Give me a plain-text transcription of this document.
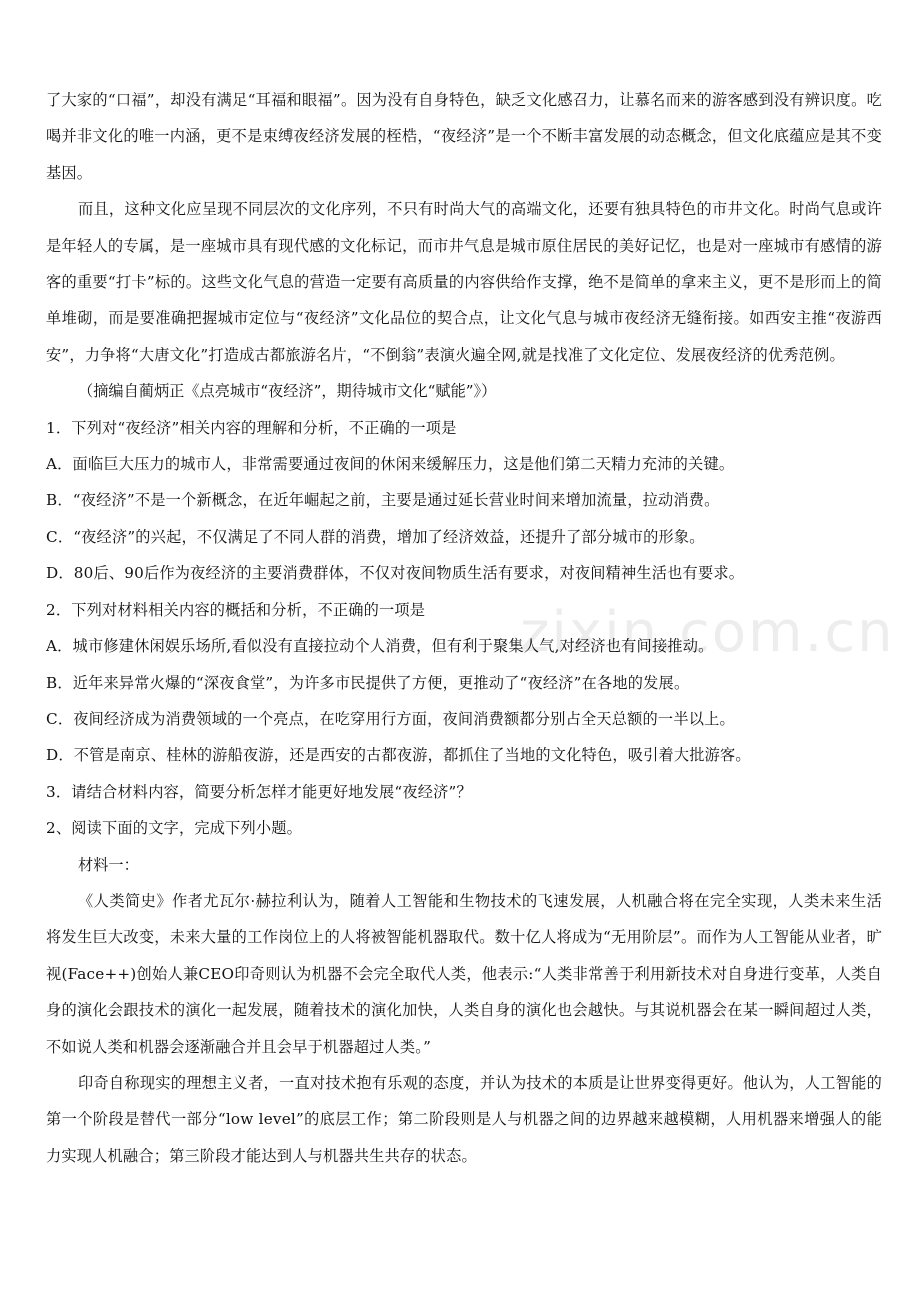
了大家的“口福”，却没有满足“耳福和眼福”。因为没有自身特色，缺乏文化感召力，让慕名而来的游客感到没有辨识度。吃喝并非文化的唯一内涵，更不是束缚夜经济发展的桎梏，“夜经济”是一个不断丰富发展的动态概念，但文化底蕴应是其不变基因。

而且，这种文化应呈现不同层次的文化序列，不只有时尚大气的高端文化，还要有独具特色的市井文化。时尚气息或许是年轻人的专属，是一座城市具有现代感的文化标记，而市井气息是城市原住居民的美好记忆，也是对一座城市有感情的游客的重要“打卡”标的。这些文化气息的营造一定要有高质量的内容供给作支撑，绝不是简单的拿来主义，更不是形而上的简单堆砌，而是要准确把握城市定位与“夜经济”文化品位的契合点，让文化气息与城市夜经济无缝衔接。如西安主推“夜游西安”，力争将“大唐文化”打造成古都旅游名片，“不倒翁”表演火遍全网,就是找准了文化定位、发展夜经济的优秀范例。

（摘编自蔺炳正《点亮城市“夜经济”，期待城市文化“赋能”》）

1．下列对“夜经济”相关内容的理解和分析，不正确的一项是

A．面临巨大压力的城市人，非常需要通过夜间的休闲来缓解压力，这是他们第二天精力充沛的关键。

B．“夜经济”不是一个新概念，在近年崛起之前，主要是通过延长营业时间来增加流量，拉动消费。

C．“夜经济”的兴起，不仅满足了不同人群的消费，增加了经济效益，还提升了部分城市的形象。

D．80后、90后作为夜经济的主要消费群体，不仅对夜间物质生活有要求，对夜间精神生活也有要求。

2．下列对材料相关内容的概括和分析，不正确的一项是

A．城市修建休闲娱乐场所,看似没有直接拉动个人消费，但有利于聚集人气,对经济也有间接推动。

B．近年来异常火爆的“深夜食堂”，为许多市民提供了方便，更推动了“夜经济”在各地的发展。

C．夜间经济成为消费领域的一个亮点，在吃穿用行方面，夜间消费额都分别占全天总额的一半以上。

D．不管是南京、桂林的游船夜游，还是西安的古都夜游，都抓住了当地的文化特色，吸引着大批游客。

3．请结合材料内容，简要分析怎样才能更好地发展“夜经济”？

2、阅读下面的文字，完成下列小题。

材料一：

《人类简史》作者尤瓦尔·赫拉利认为，随着人工智能和生物技术的飞速发展，人机融合将在完全实现，人类未来生活将发生巨大改变，未来大量的工作岗位上的人将被智能机器取代。数十亿人将成为“无用阶层”。而作为人工智能从业者，旷视(Face++)创始人兼CEO印奇则认为机器不会完全取代人类，他表示:“人类非常善于利用新技术对自身进行变革，人类自身的演化会跟技术的演化一起发展，随着技术的演化加快，人类自身的演化也会越快。与其说机器会在某一瞬间超过人类，不如说人类和机器会逐渐融合并且会早于机器超过人类。”

印奇自称现实的理想主义者，一直对技术抱有乐观的态度，并认为技术的本质是让世界变得更好。他认为，人工智能的第一个阶段是替代一部分“low level”的底层工作；第二阶段则是人与机器之间的边界越来越模糊，人用机器来增强人的能力实现人机融合；第三阶段才能达到人与机器共生共存的状态。

zixin.com.cn
